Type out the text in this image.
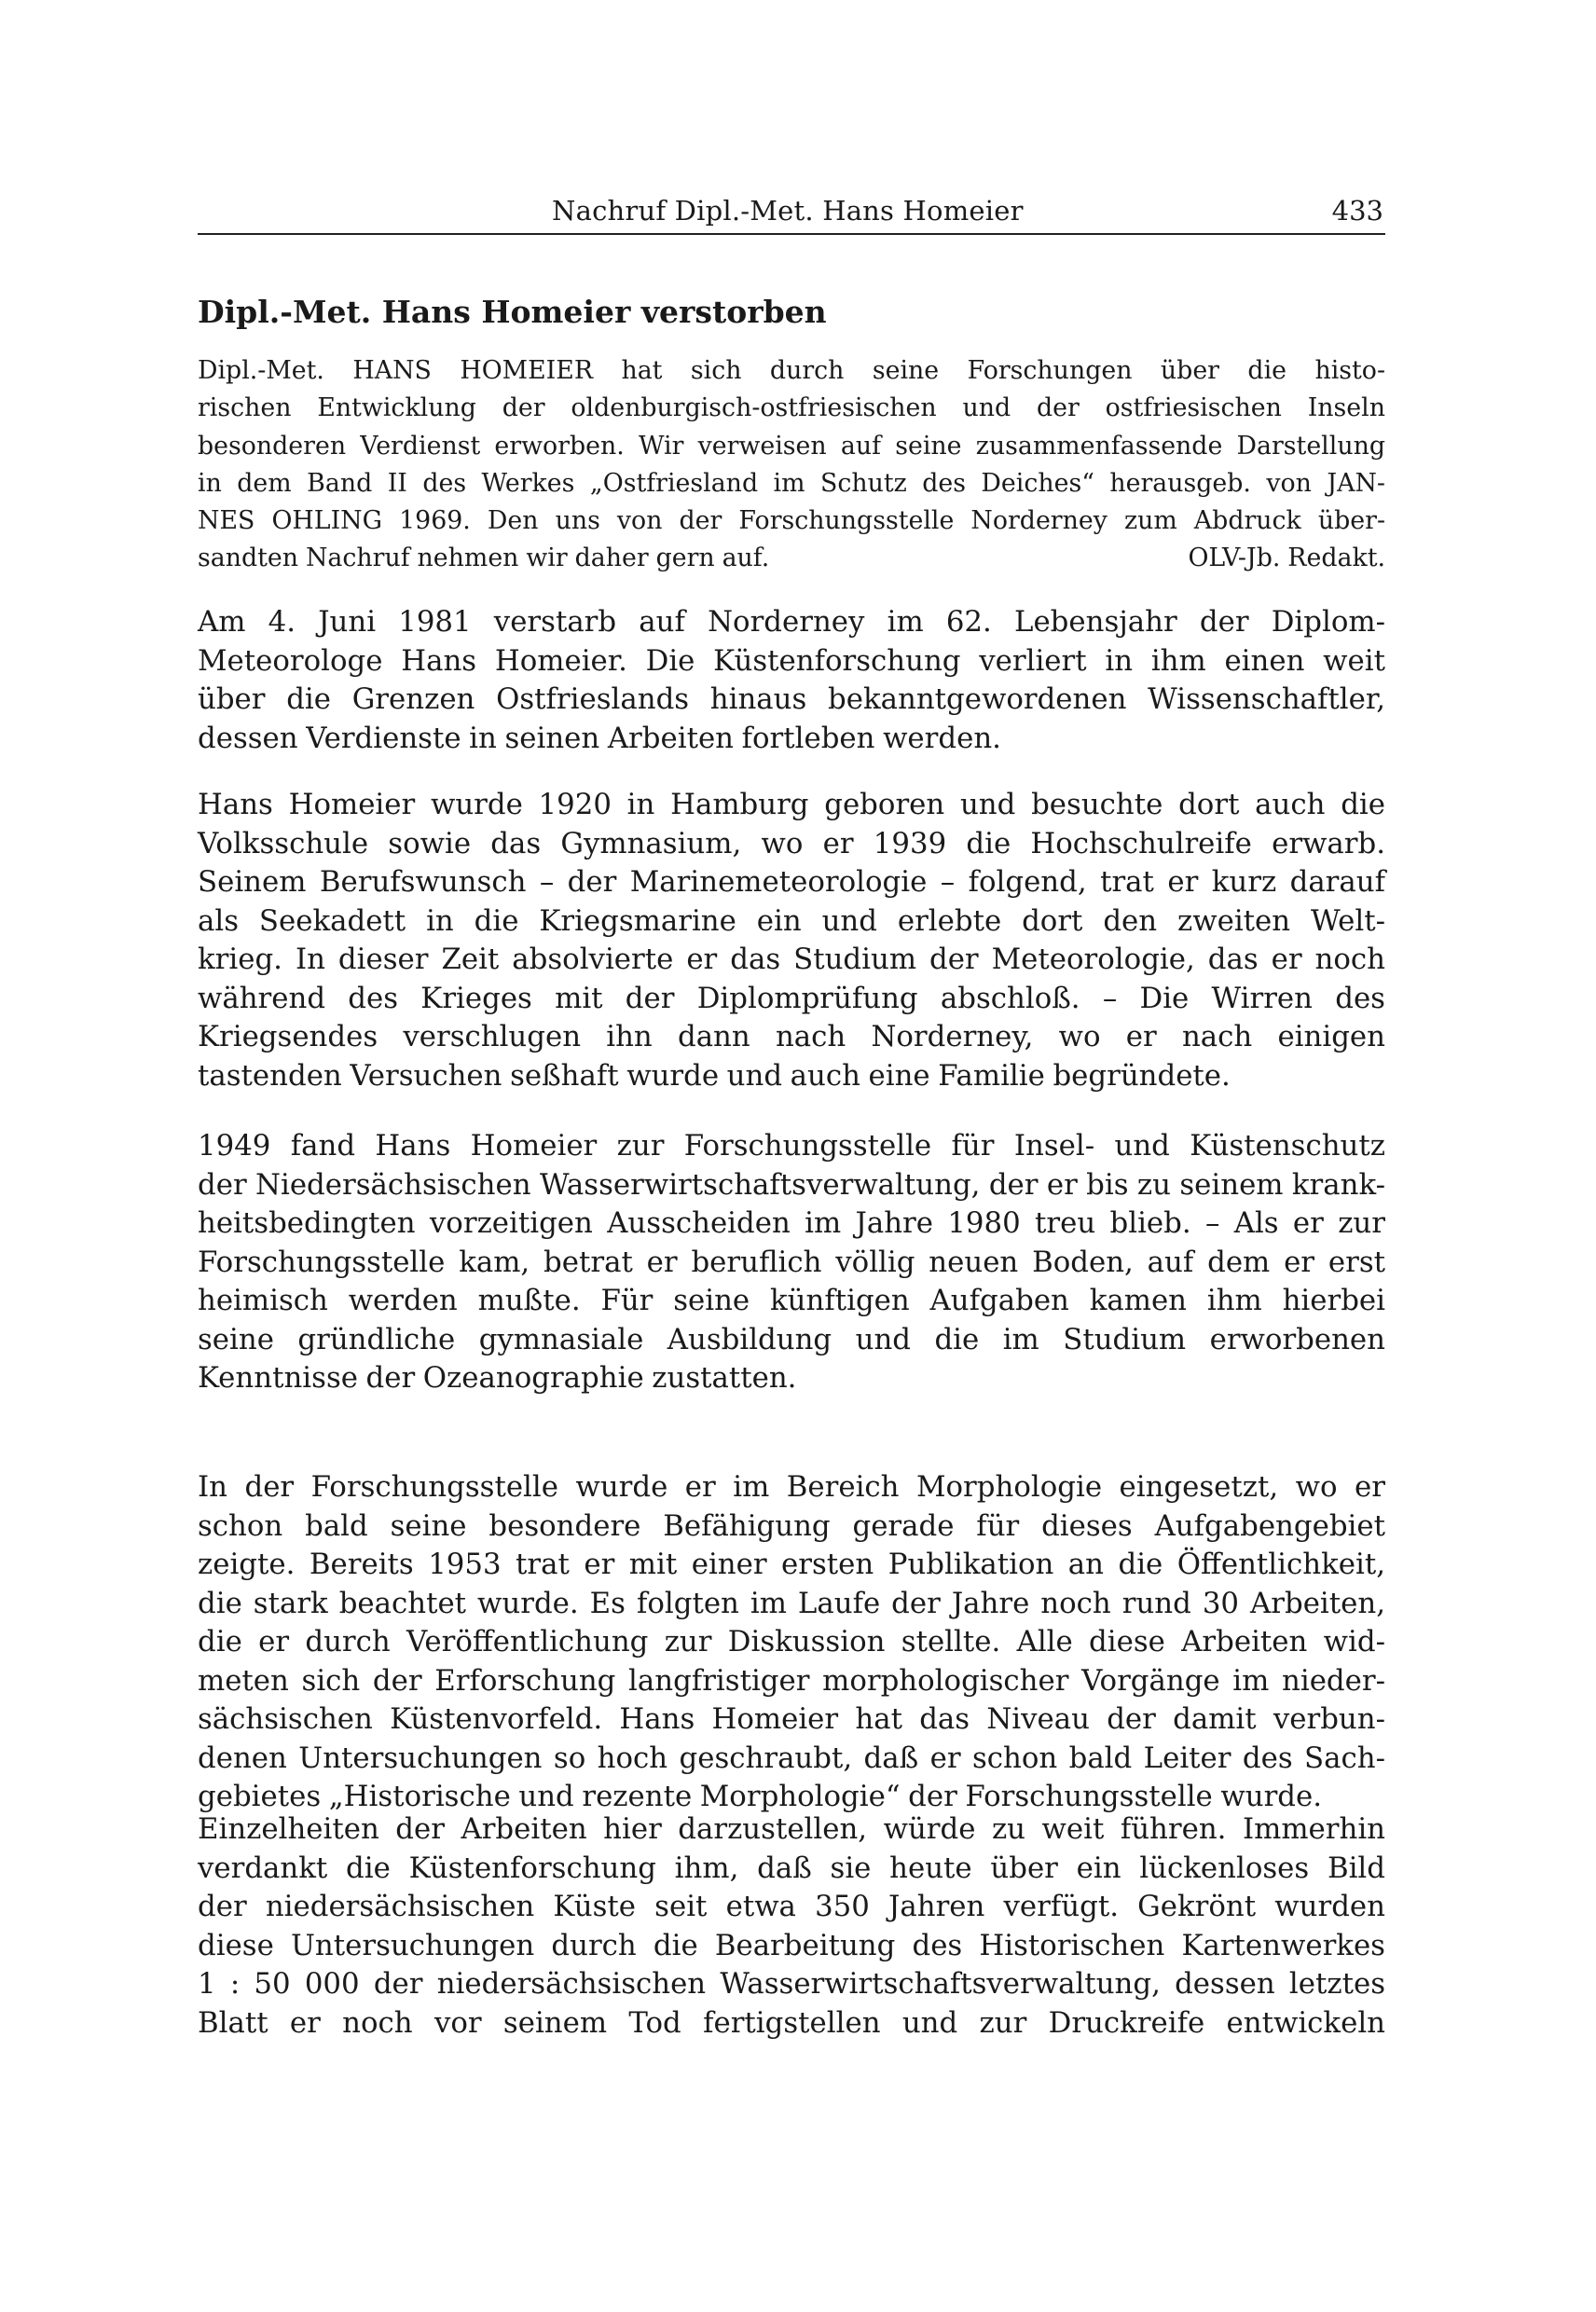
Nachruf Dipl.-Met. Hans Homeier	433
Dipl.-Met. Hans Homeier verstorben

Dipl.-Met. HANS HOMEIER hat sich durch seine Forschungen über die histo-
rischen Entwicklung der oldenburgisch-ostfriesischen und der ostfriesischen Inseln
besonderen Verdienst erworben. Wir verweisen auf seine zusammenfassende Darstellung
in dem Band II des Werkes „Ostfriesland im Schutz des Deiches“ herausgeb. von JAN-
NES OHLING 1969. Den uns von der Forschungsstelle Norderney zum Abdruck über-
sandten Nachruf nehmen wir daher gern auf.	OLV-Jb. Redakt.

Am 4. Juni 1981 verstarb auf Norderney im 62. Lebensjahr der Diplom-
Meteorologe Hans Homeier. Die Küstenforschung verliert in ihm einen weit
über die Grenzen Ostfrieslands hinaus bekanntgewordenen Wissenschaftler,
dessen Verdienste in seinen Arbeiten fortleben werden.

Hans Homeier wurde 1920 in Hamburg geboren und besuchte dort auch die
Volksschule sowie das Gymnasium, wo er 1939 die Hochschulreife erwarb.
Seinem Berufswunsch – der Marinemeteorologie – folgend, trat er kurz darauf
als Seekadett in die Kriegsmarine ein und erlebte dort den zweiten Welt-
krieg. In dieser Zeit absolvierte er das Studium der Meteorologie, das er noch
während des Krieges mit der Diplomprüfung abschloß. – Die Wirren des
Kriegsendes verschlugen ihn dann nach Norderney, wo er nach einigen
tastenden Versuchen seßhaft wurde und auch eine Familie begründete.

1949 fand Hans Homeier zur Forschungsstelle für Insel- und Küstenschutz
der Niedersächsischen Wasserwirtschaftsverwaltung, der er bis zu seinem krank-
heitsbedingten vorzeitigen Ausscheiden im Jahre 1980 treu blieb. – Als er zur
Forschungsstelle kam, betrat er beruflich völlig neuen Boden, auf dem er erst
heimisch werden mußte. Für seine künftigen Aufgaben kamen ihm hierbei
seine gründliche gymnasiale Ausbildung und die im Studium erworbenen
Kenntnisse der Ozeanographie zustatten.

In der Forschungsstelle wurde er im Bereich Morphologie eingesetzt, wo er
schon bald seine besondere Befähigung gerade für dieses Aufgabengebiet
zeigte. Bereits 1953 trat er mit einer ersten Publikation an die Öffentlichkeit,
die stark beachtet wurde. Es folgten im Laufe der Jahre noch rund 30 Arbeiten,
die er durch Veröffentlichung zur Diskussion stellte. Alle diese Arbeiten wid-
meten sich der Erforschung langfristiger morphologischer Vorgänge im nieder-
sächsischen Küstenvorfeld. Hans Homeier hat das Niveau der damit verbun-
denen Untersuchungen so hoch geschraubt, daß er schon bald Leiter des Sach-
gebietes „Historische und rezente Morphologie“ der Forschungsstelle wurde.

Einzelheiten der Arbeiten hier darzustellen, würde zu weit führen. Immerhin
verdankt die Küstenforschung ihm, daß sie heute über ein lückenloses Bild
der niedersächsischen Küste seit etwa 350 Jahren verfügt. Gekrönt wurden
diese Untersuchungen durch die Bearbeitung des Historischen Kartenwerkes
1 : 50 000 der niedersächsischen Wasserwirtschaftsverwaltung, dessen letztes
Blatt er noch vor seinem Tod fertigstellen und zur Druckreife entwickeln
